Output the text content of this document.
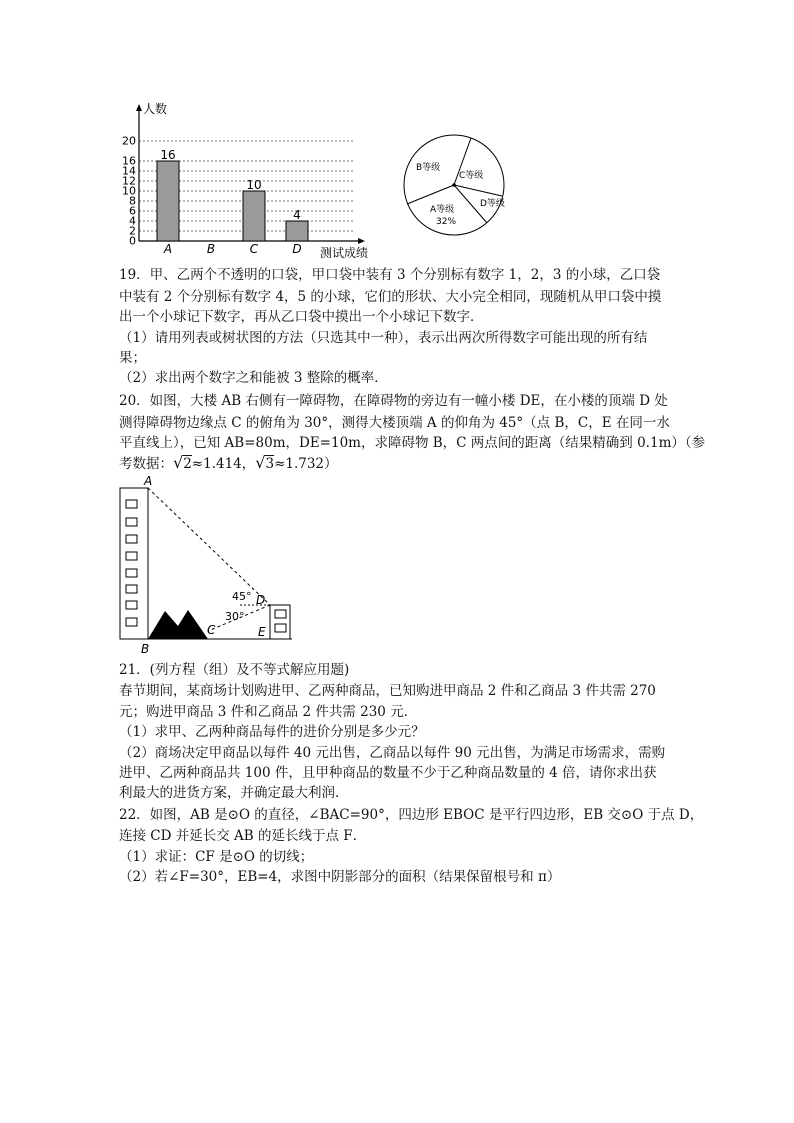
人数
测试成绩
0
2
4
6
8
10
12
14
16
20
A	B	C	D
16
10
4
B等级
C等级
D等级
A等级
32%
19．甲、乙两个不透明的口袋，甲口袋中装有 3 个分别标有数字 1，2，3 的小球，乙口袋
中装有 2 个分别标有数字 4，5 的小球，它们的形状、大小完全相同，现随机从甲口袋中摸
出一个小球记下数字，再从乙口袋中摸出一个小球记下数字．
（1）请用列表或树状图的方法（只选其中一种），表示出两次所得数字可能出现的所有结
果；
（2）求出两个数字之和能被 3 整除的概率．
20．如图，大楼 AB 右侧有一障碍物，在障碍物的旁边有一幢小楼 DE，在小楼的顶端 D 处
测得障碍物边缘点 C 的俯角为 30°，测得大楼顶端 A 的仰角为 45°（点 B，C，E 在同一水
平直线上），已知 AB=80m，DE=10m，求障碍物 B，C 两点间的距离（结果精确到 0.1m）（参
考数据：√2≈1.414，√3≈1.732）
A
B
C
D
E
45°
30°
21．(列方程（组）及不等式解应用题)
春节期间，某商场计划购进甲、乙两种商品，已知购进甲商品 2 件和乙商品 3 件共需 270
元；购进甲商品 3 件和乙商品 2 件共需 230 元．
（1）求甲、乙两种商品每件的进价分别是多少元？
（2）商场决定甲商品以每件 40 元出售，乙商品以每件 90 元出售，为满足市场需求，需购
进甲、乙两种商品共 100 件，且甲种商品的数量不少于乙种商品数量的 4 倍，请你求出获
利最大的进货方案，并确定最大利润．
22．如图，AB 是⊙O 的直径，∠BAC=90°，四边形 EBOC 是平行四边形，EB 交⊙O 于点 D，
连接 CD 并延长交 AB 的延长线于点 F．
（1）求证：CF 是⊙O 的切线；
（2）若∠F=30°，EB=4，求图中阴影部分的面积（结果保留根号和 π）
